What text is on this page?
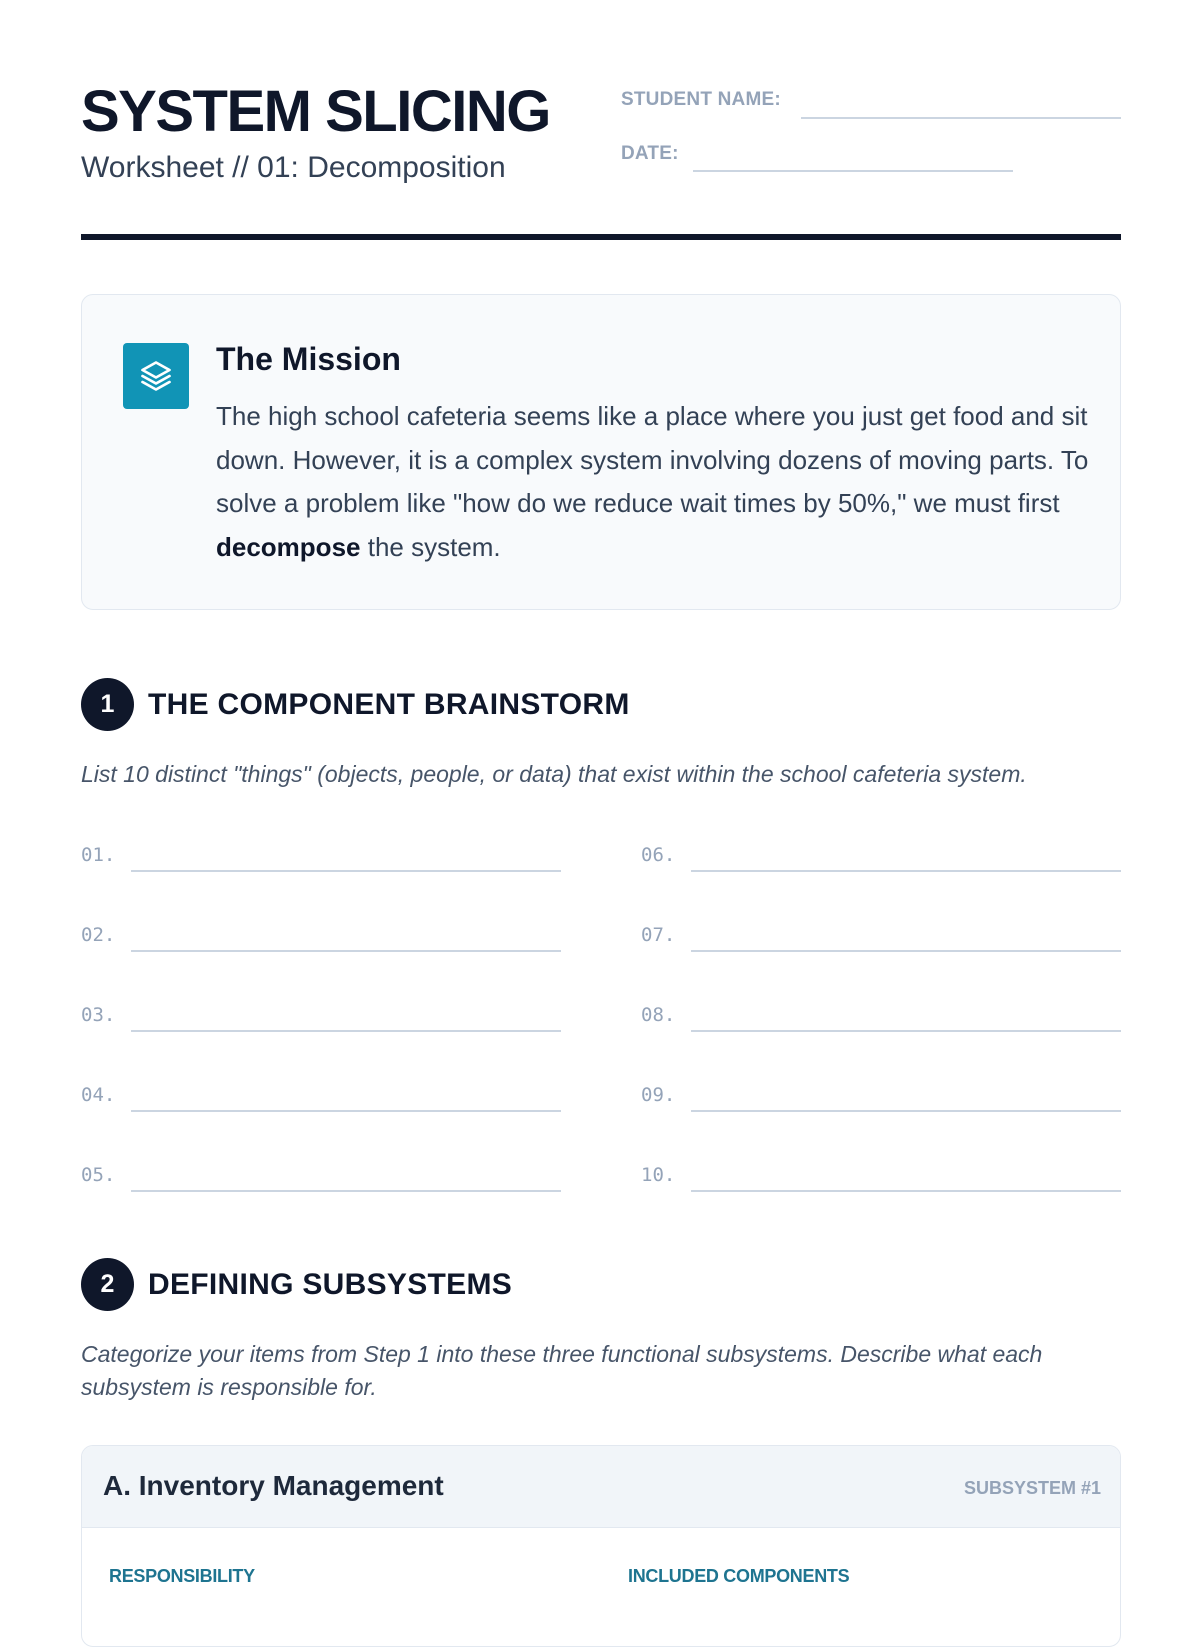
SYSTEM SLICING
Worksheet // 01: Decomposition
STUDENT NAME:
DATE:
The Mission
The high school cafeteria seems like a place where you just get food and sit down. However, it is a complex system involving dozens of moving parts. To solve a problem like "how do we reduce wait times by 50%," we must first decompose the system.
1	THE COMPONENT BRAINSTORM
List 10 distinct "things" (objects, people, or data) that exist within the school cafeteria system.
01.
02.
03.
04.
05.
06.
07.
08.
09.
10.
2	DEFINING SUBSYSTEMS
Categorize your items from Step 1 into these three functional subsystems. Describe what each subsystem is responsible for.
A. Inventory Management	SUBSYSTEM #1
RESPONSIBILITY	INCLUDED COMPONENTS
